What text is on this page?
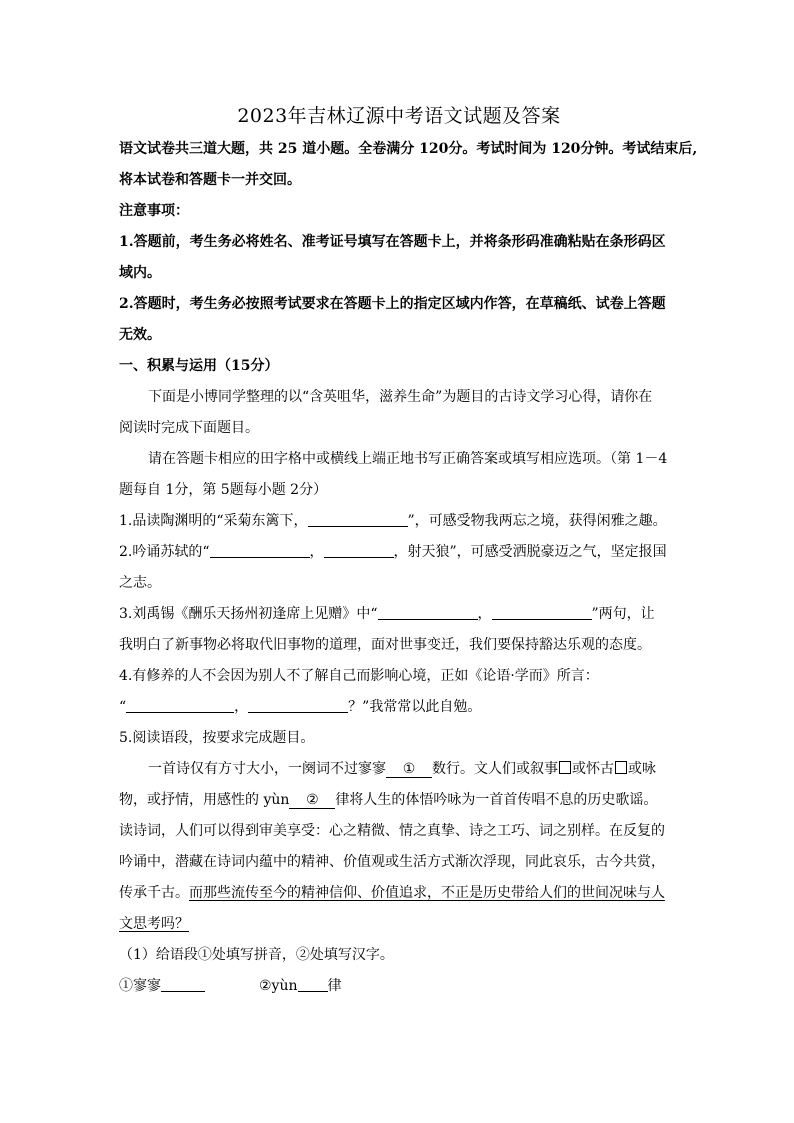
2023年吉林辽源中考语文试题及答案

语文试卷共三道大题，共 25 道小题。全卷满分 120分。考试时间为 120分钟。考试结束后,

将本试卷和答题卡一并交回。

注意事项：

1.答题前，考生务必将姓名、准考证号填写在答题卡上，并将条形码准确粘贴在条形码区

域内。

2.答题时，考生务必按照考试要求在答题卡上的指定区域内作答，在草稿纸、试卷上答题

无效。

一、积累与运用（15分）

下面是小博同学整理的以“含英咀华，滋养生命”为题目的古诗文学习心得，请你在

阅读时完成下面题目。

请在答题卡相应的田字格中或横线上端正地书写正确答案或填写相应选项。（第 1－4

题每自 1分，第 5题每小题 2分）

1.品读陶渊明的“采菊东篱下，	”，可感受物我两忘之境，获得闲雅之趣。

2.吟诵苏轼的“	，	，射天狼”，可感受洒脱豪迈之气，坚定报国

之志。

3.刘禹锡《酬乐天扬州初逢席上见赠》中“	，	”两句，让

我明白了新事物必将取代旧事物的道理，面对世事变迁，我们要保持豁达乐观的态度。

4.有修养的人不会因为别人不了解自己而影响心境，正如《论语·学而》所言：

“	，	？”我常常以此自勉。

5.阅读语段，按要求完成题目。

一首诗仅有方寸大小，一阕词不过寥寥 ① 数行。文人们或叙事 或怀古 或咏

物，或抒情，用感性的 yùn ② 律将人生的体悟吟咏为一首首传唱不息的历史歌谣。

读诗词，人们可以得到审美享受：心之精微、情之真挚、诗之工巧、词之别样。在反复的

吟诵中，潜藏在诗词内蕴中的精神、价值观或生活方式渐次浮现，同此哀乐，古今共赏，

传承千古。而那些流传至今的精神信仰、价值追求，不正是历史带给人们的世间况味与人

文思考吗？

（1）给语段①处填写拼音，②处填写汉字。

①寥寥	②yùn 律
